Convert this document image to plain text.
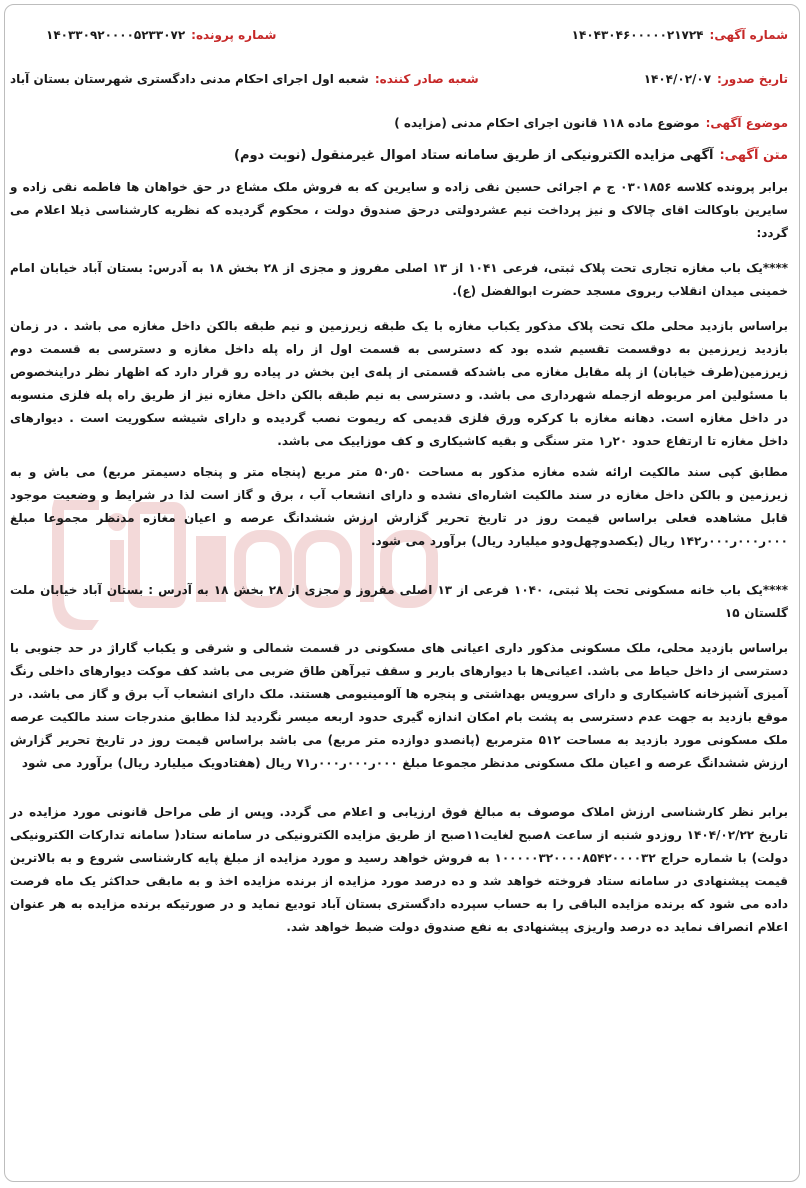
شماره آگهی:
۱۴۰۴۳۰۴۶۰۰۰۰۰۲۱۷۲۴
شماره پرونده:
۱۴۰۳۳۰۹۲۰۰۰۰۵۲۳۳۰۷۲
تاریخ صدور:
۱۴۰۴/۰۲/۰۷
شعبه صادر کننده:
شعبه اول اجرای احکام مدنی دادگستری شهرستان بستان آباد
موضوع آگهی:
موضوع ماده ۱۱۸ قانون اجرای احکام مدنی (مزایده )
متن آگهی:
آگهی مزایده الکترونیکی از طریق سامانه ستاد اموال غیرمنقول (نوبت دوم)

برابر پرونده کلاسه ۰۳۰۱۸۵۶ ج م اجرائی حسین نقی زاده و سایرین که به فروش ملک مشاع در حق خواهان ها فاطمه نقی زاده و سایرین باوکالت اقای چالاک و نیز پرداخت نیم عشردولتی درحق صندوق دولت ، محکوم گردیده که نظریه کارشناسی ذیلا اعلام می گردد:

****یک باب مغازه تجاری تحت پلاک ثبتی، فرعی ۱۰۴۱ از ۱۳ اصلی مفروز و مجزی از ۲۸ بخش ۱۸ به آدرس: بستان آباد خیابان امام خمینی میدان انقلاب ربروی مسجد حضرت ابوالفضل (ع).

براساس بازدید محلی ملک تحت پلاک مذکور یکباب مغازه با یک طبقه زیرزمین و نیم طبقه بالکن داخل مغازه می باشد . در زمان بازدید زیرزمین به دوقسمت تقسیم شده بود که دسترسی به قسمت اول از راه پله داخل مغازه و دسترسی به قسمت دوم زیرزمین(طرف خیابان) از پله مقابل مغازه می باشدکه قسمتی از پله‌ی این بخش در پیاده رو قرار دارد که اظهار نظر دراینخصوص با مسئولین امر مربوطه ازجمله شهرداری می باشد. و دسترسی به نیم طبقه بالکن داخل مغازه نیز از طریق راه پله فلزی منسوبه در داخل مغازه است. دهانه مغازه با کرکره ورق فلزی قدیمی که ریموت نصب گردیده و دارای شیشه سکوریت است . دیوارهای داخل مغازه تا ارتفاع حدود ۲۰ر۱ متر سنگی و بقیه کاشیکاری و کف موزاییک می باشد.

مطابق کپی سند مالکیت ارائه شده مغازه مذکور به مساحت ۵۰ر۵۰ متر مربع (پنجاه متر و پنجاه دسیمتر مربع) می باش و به زیرزمین و بالکن داخل مغازه در سند مالکیت اشاره‌ای نشده و دارای انشعاب آب ، برق و گاز است لذا در شرایط و وضعیت موجود قابل مشاهده فعلی براساس قیمت روز در تاریخ تحریر گزارش ارزش ششدانگ عرصه و اعیان مغازه مدنظر مجموعا مبلغ ۰۰۰ر۰۰۰ر۰۰۰ر۱۴۲ ریال (یکصدوچهل‌ودو میلیارد ریال) برآورد می شود.

****یک باب خانه مسکونی تحت پلا ثبتی، ۱۰۴۰ فرعی از ۱۳ اصلی مفروز و مجزی از ۲۸ بخش ۱۸ به آدرس : بستان آباد خیابان ملت گلستان ۱۵

براساس بازدید محلی، ملک مسکونی مذکور داری اعیانی های مسکونی در قسمت شمالی و شرقی و یکباب گاراژ در حد جنوبی با دسترسی از داخل حیاط می باشد. اعیانی‌ها با دیوارهای باربر و سقف تیرآهن طاق ضربی می باشد کف موکت دیوارهای داخلی رنگ آمیزی آشپزخانه کاشیکاری و دارای سرویس بهداشتی و پنجره ها آلومینیومی هستند. ملک دارای انشعاب آب برق و گاز می باشد. در موقع بازدید به جهت عدم دسترسی به پشت بام امکان اندازه گیری حدود اربعه میسر نگردید لذا مطابق مندرجات سند مالکیت عرصه ملک مسکونی مورد بازدید به مساحت ۵۱۲ مترمربع (پانصدو دوازده متر مربع) می باشد براساس قیمت روز در تاریخ تحریر گزارش ارزش ششدانگ عرصه و اعیان ملک مسکونی مدنظر مجموعا مبلغ ۰۰۰ر۰۰۰ر۰۰۰ر۷۱ ریال (هفتادویک میلیارد ریال) برآورد می شود

برابر نظر کارشناسی ارزش املاک موصوف به مبالغ فوق ارزیابی و اعلام می گردد. وپس از طی مراحل قانونی مورد مزایده در تاریخ ۱۴۰۴/۰۲/۲۲ روزدو شنبه از ساعت ۸صبح لغایت۱۱صبح از طریق مزایده الکترونیکی در سامانه ستاد( سامانه تدارکات الکترونیکی دولت) با شماره حراج ۱۰۰۰۰۰۳۲۰۰۰۰۸۵۴۲۰۰۰۰۳۲ به فروش خواهد رسید و مورد مزایده از مبلغ پایه کارشناسی شروع و به بالاترین قیمت پیشنهادی در سامانه ستاد فروخته خواهد شد و ده درصد مورد مزایده از برنده مزایده اخذ و به مابقی حداکثر یک ماه فرصت داده می شود که برنده مزایده الباقی را به حساب سپرده دادگستری بستان آباد تودیع نماید و در صورتیکه برنده مزایده به هر عنوان اعلام انصراف نماید ده درصد واریزی پیشنهادی به نفع صندوق دولت ضبط خواهد شد.
